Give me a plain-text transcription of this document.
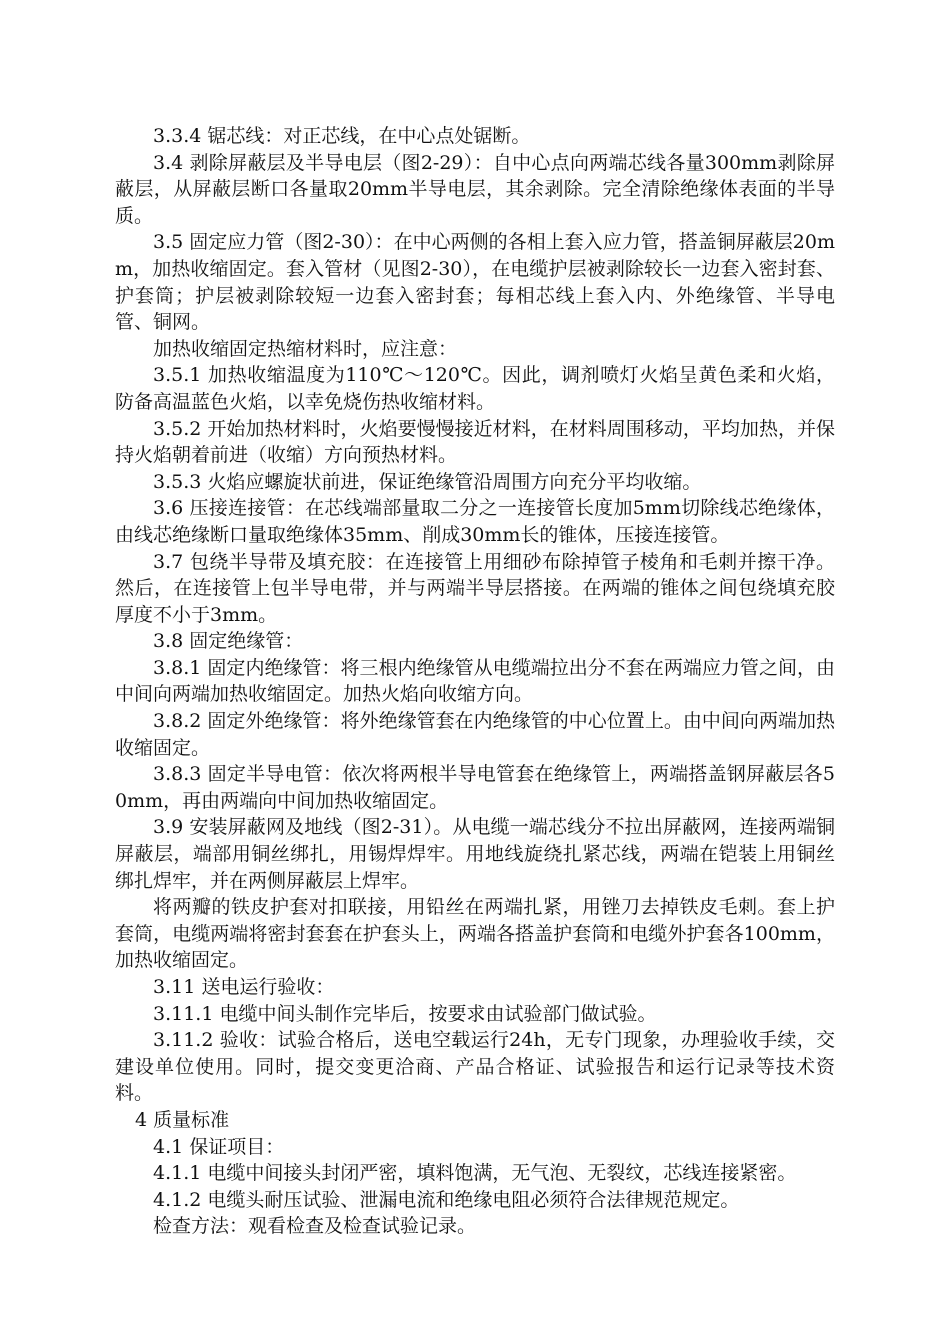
3.3.4 锯芯线：对正芯线，在中心点处锯断。

3.4 剥除屏蔽层及半导电层（图2-29）：自中心点向两端芯线各量300mm剥除屏蔽层，从屏蔽层断口各量取20mm半导电层，其余剥除。完全清除绝缘体表面的半导质。

3.5 固定应力管（图2-30）：在中心两侧的各相上套入应力管，搭盖铜屏蔽层20mm，加热收缩固定。套入管材（见图2-30），在电缆护层被剥除较长一边套入密封套、护套筒；护层被剥除较短一边套入密封套；每相芯线上套入内、外绝缘管、半导电管、铜网。

加热收缩固定热缩材料时，应注意：

3.5.1 加热收缩温度为110℃～120℃。因此，调剂喷灯火焰呈黄色柔和火焰，防备高温蓝色火焰，以幸免烧伤热收缩材料。

3.5.2 开始加热材料时，火焰要慢慢接近材料，在材料周围移动，平均加热，并保持火焰朝着前进（收缩）方向预热材料。

3.5.3 火焰应螺旋状前进，保证绝缘管沿周围方向充分平均收缩。

3.6 压接连接管：在芯线端部量取二分之一连接管长度加5mm切除线芯绝缘体，由线芯绝缘断口量取绝缘体35mm、削成30mm长的锥体，压接连接管。

3.7 包绕半导带及填充胶：在连接管上用细砂布除掉管子棱角和毛刺并擦干净。然后，在连接管上包半导电带，并与两端半导层搭接。在两端的锥体之间包绕填充胶厚度不小于3mm。

3.8 固定绝缘管：

3.8.1 固定内绝缘管：将三根内绝缘管从电缆端拉出分不套在两端应力管之间，由中间向两端加热收缩固定。加热火焰向收缩方向。

3.8.2 固定外绝缘管：将外绝缘管套在内绝缘管的中心位置上。由中间向两端加热收缩固定。

3.8.3 固定半导电管：依次将两根半导电管套在绝缘管上，两端搭盖钢屏蔽层各50mm，再由两端向中间加热收缩固定。

3.9 安装屏蔽网及地线（图2-31）。从电缆一端芯线分不拉出屏蔽网，连接两端铜屏蔽层，端部用铜丝绑扎，用锡焊焊牢。用地线旋绕扎紧芯线，两端在铠装上用铜丝绑扎焊牢，并在两侧屏蔽层上焊牢。

将两瓣的铁皮护套对扣联接，用铅丝在两端扎紧，用锉刀去掉铁皮毛刺。套上护套筒，电缆两端将密封套套在护套头上，两端各搭盖护套筒和电缆外护套各100mm，加热收缩固定。

3.11 送电运行验收：

3.11.1 电缆中间头制作完毕后，按要求由试验部门做试验。

3.11.2 验收：试验合格后，送电空载运行24h，无专门现象，办理验收手续，交建设单位使用。同时，提交变更洽商、产品合格证、试验报告和运行记录等技术资料。

4 质量标准

4.1 保证项目：

4.1.1 电缆中间接头封闭严密，填料饱满，无气泡、无裂纹，芯线连接紧密。

4.1.2 电缆头耐压试验、泄漏电流和绝缘电阻必须符合法律规范规定。

检查方法：观看检查及检查试验记录。
